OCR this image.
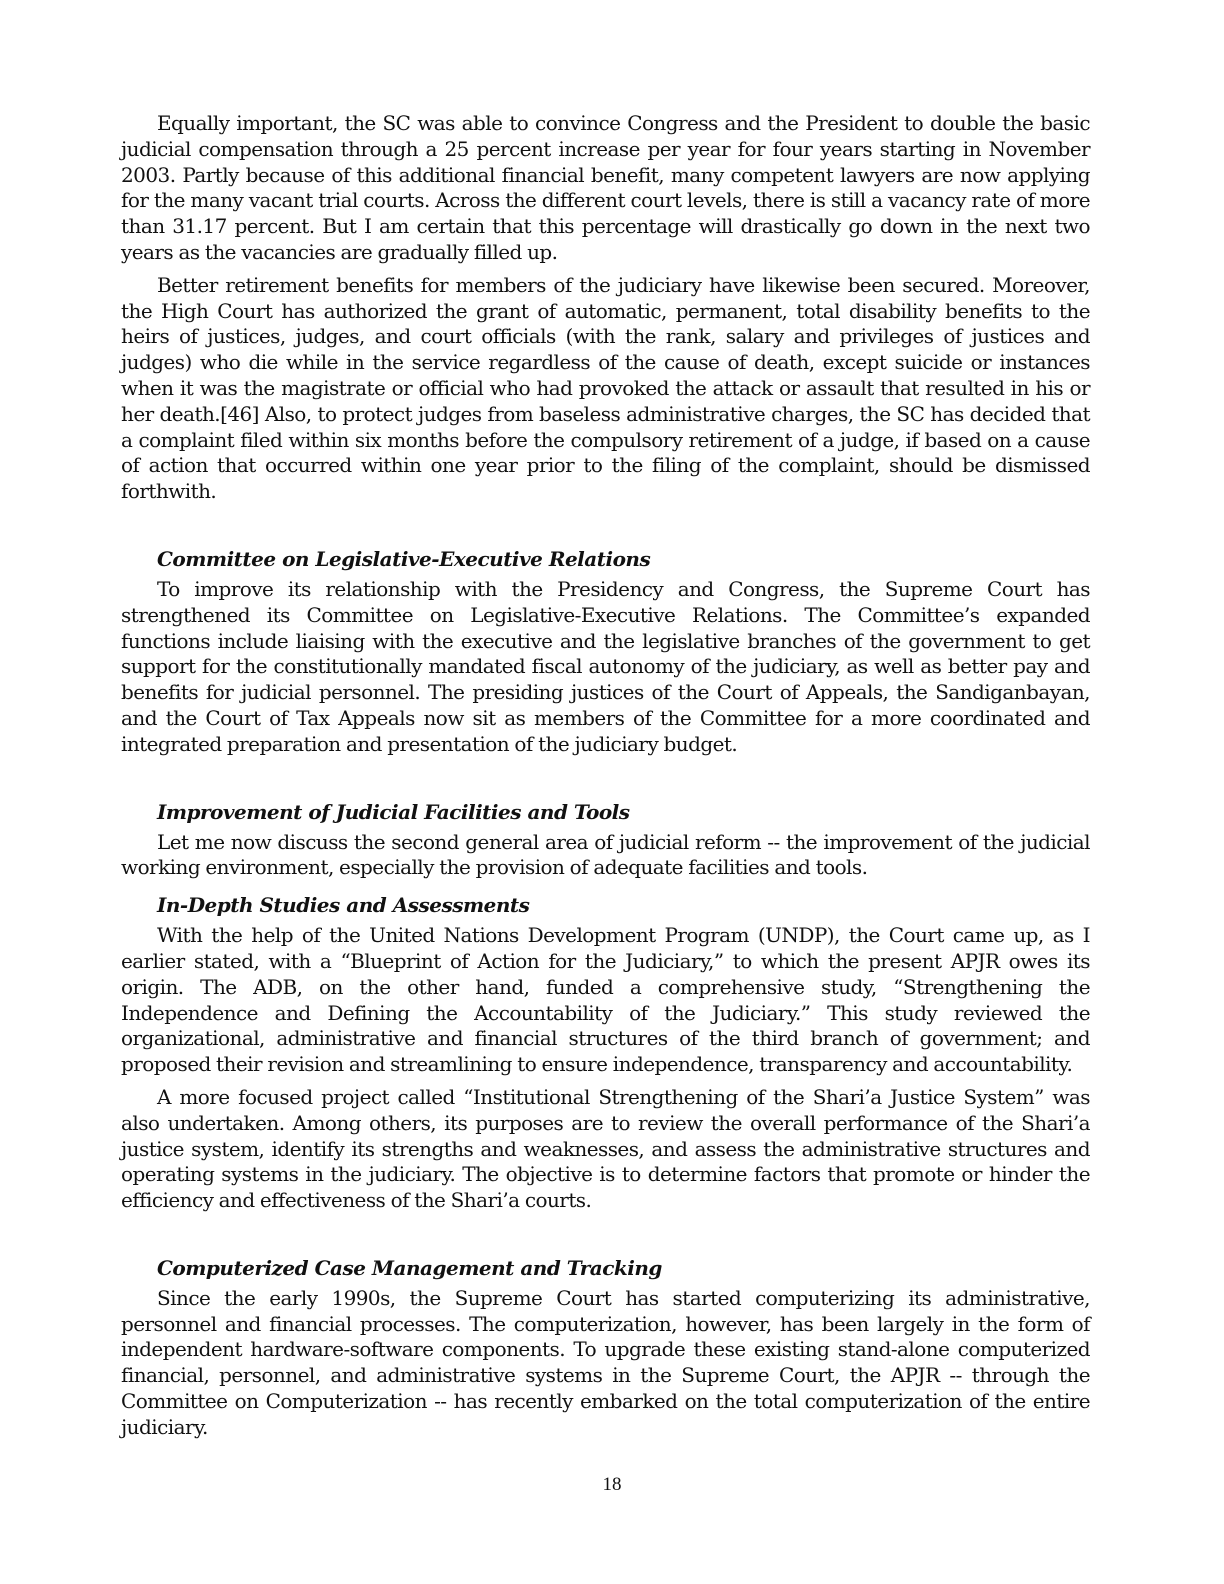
Equally important, the SC was able to convince Congress and the President to double the basic judicial compensation through a 25 percent increase per year for four years starting in November 2003. Partly because of this additional financial benefit, many competent lawyers are now applying for the many vacant trial courts. Across the different court levels, there is still a vacancy rate of more than 31.17 percent. But I am certain that this percentage will drastically go down in the next two years as the vacancies are gradually filled up.

Better retirement benefits for members of the judiciary have likewise been secured. Moreover, the High Court has authorized the grant of automatic, permanent, total disability benefits to the heirs of justices, judges, and court officials (with the rank, salary and privileges of justices and judges) who die while in the service regardless of the cause of death, except suicide or instances when it was the magistrate or official who had provoked the attack or assault that resulted in his or her death.[46] Also, to protect judges from baseless administrative charges, the SC has decided that a complaint filed within six months before the compulsory retirement of a judge, if based on a cause of action that occurred within one year prior to the filing of the complaint, should be dismissed forthwith.

Committee on Legislative-Executive Relations

To improve its relationship with the Presidency and Congress, the Supreme Court has strengthened its Committee on Legislative-Executive Relations. The Committee’s expanded functions include liaising with the executive and the legislative branches of the government to get support for the constitutionally mandated fiscal autonomy of the judiciary, as well as better pay and benefits for judicial personnel. The presiding justices of the Court of Appeals, the Sandiganbayan, and the Court of Tax Appeals now sit as members of the Committee for a more coordinated and integrated preparation and presentation of the judiciary budget.

Improvement of Judicial Facilities and Tools

Let me now discuss the second general area of judicial reform -- the improvement of the judicial working environment, especially the provision of adequate facilities and tools.

In-Depth Studies and Assessments

With the help of the United Nations Development Program (UNDP), the Court came up, as I earlier stated, with a “Blueprint of Action for the Judiciary,” to which the present APJR owes its origin. The ADB, on the other hand, funded a comprehensive study, “Strengthening the Independence and Defining the Accountability of the Judiciary.” This study reviewed the organizational, administrative and financial structures of the third branch of government; and proposed their revision and streamlining to ensure independence, transparency and accountability.

A more focused project called “Institutional Strengthening of the Shari’a Justice System” was also undertaken. Among others, its purposes are to review the overall performance of the Shari’a justice system, identify its strengths and weaknesses, and assess the administrative structures and operating systems in the judiciary. The objective is to determine factors that promote or hinder the efficiency and effectiveness of the Shari’a courts.

Computerized Case Management and Tracking

Since the early 1990s, the Supreme Court has started computerizing its administrative, personnel and financial processes. The computerization, however, has been largely in the form of independent hardware-software components. To upgrade these existing stand-alone computerized financial, personnel, and administrative systems in the Supreme Court, the APJR -- through the Committee on Computerization -- has recently embarked on the total computerization of the entire judiciary.

18
